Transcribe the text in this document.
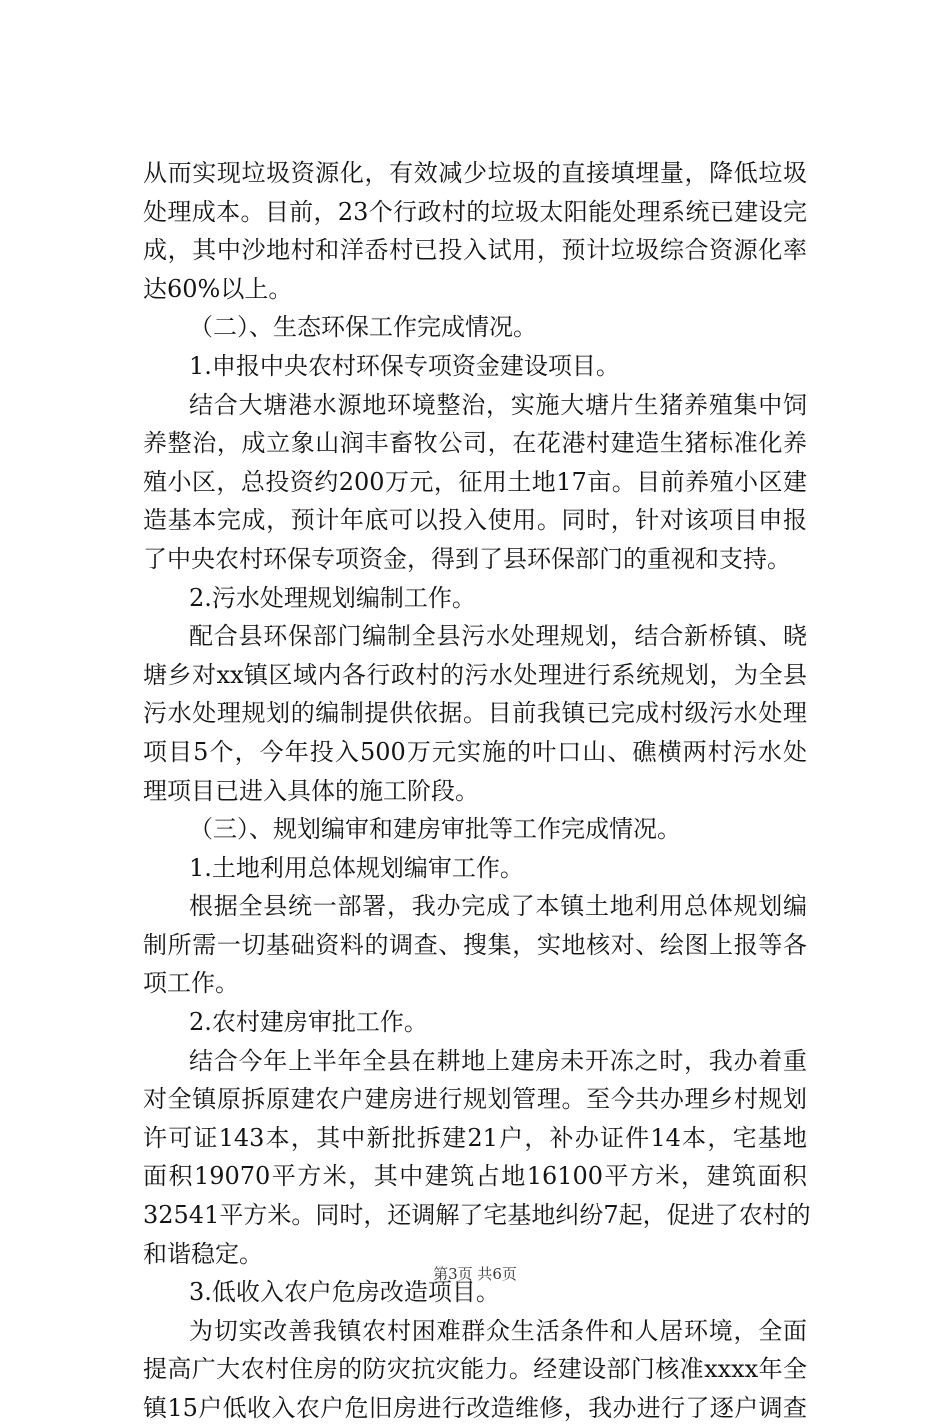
从而实现垃圾资源化，有效减少垃圾的直接填埋量，降低垃圾
处理成本。目前，23个行政村的垃圾太阳能处理系统已建设完
成，其中沙地村和洋岙村已投入试用，预计垃圾综合资源化率
达60%以上。
（二）、生态环保工作完成情况。
1.申报中央农村环保专项资金建设项目。
结合大塘港水源地环境整治，实施大塘片生猪养殖集中饲
养整治，成立象山润丰畜牧公司，在花港村建造生猪标准化养
殖小区，总投资约200万元，征用土地17亩。目前养殖小区建
造基本完成，预计年底可以投入使用。同时，针对该项目申报
了中央农村环保专项资金，得到了县环保部门的重视和支持。
2.污水处理规划编制工作。
配合县环保部门编制全县污水处理规划，结合新桥镇、晓
塘乡对xx镇区域内各行政村的污水处理进行系统规划，为全县
污水处理规划的编制提供依据。目前我镇已完成村级污水处理
项目5个，今年投入500万元实施的叶口山、礁横两村污水处
理项目已进入具体的施工阶段。
（三）、规划编审和建房审批等工作完成情况。
1.土地利用总体规划编审工作。
根据全县统一部署，我办完成了本镇土地利用总体规划编
制所需一切基础资料的调查、搜集，实地核对、绘图上报等各
项工作。
2.农村建房审批工作。
结合今年上半年全县在耕地上建房未开冻之时，我办着重
对全镇原拆原建农户建房进行规划管理。至今共办理乡村规划
许可证143本，其中新批拆建21户，补办证件14本，宅基地
面积19070平方米，其中建筑占地16100平方米，建筑面积
32541平方米。同时，还调解了宅基地纠纷7起，促进了农村的
和谐稳定。
3.低收入农户危房改造项目。
为切实改善我镇农村困难群众生活条件和人居环境，全面
提高广大农村住房的防灾抗灾能力。经建设部门核准xxxx年全
镇15户低收入农户危旧房进行改造维修，我办进行了逐户调查
第3页 共6页
